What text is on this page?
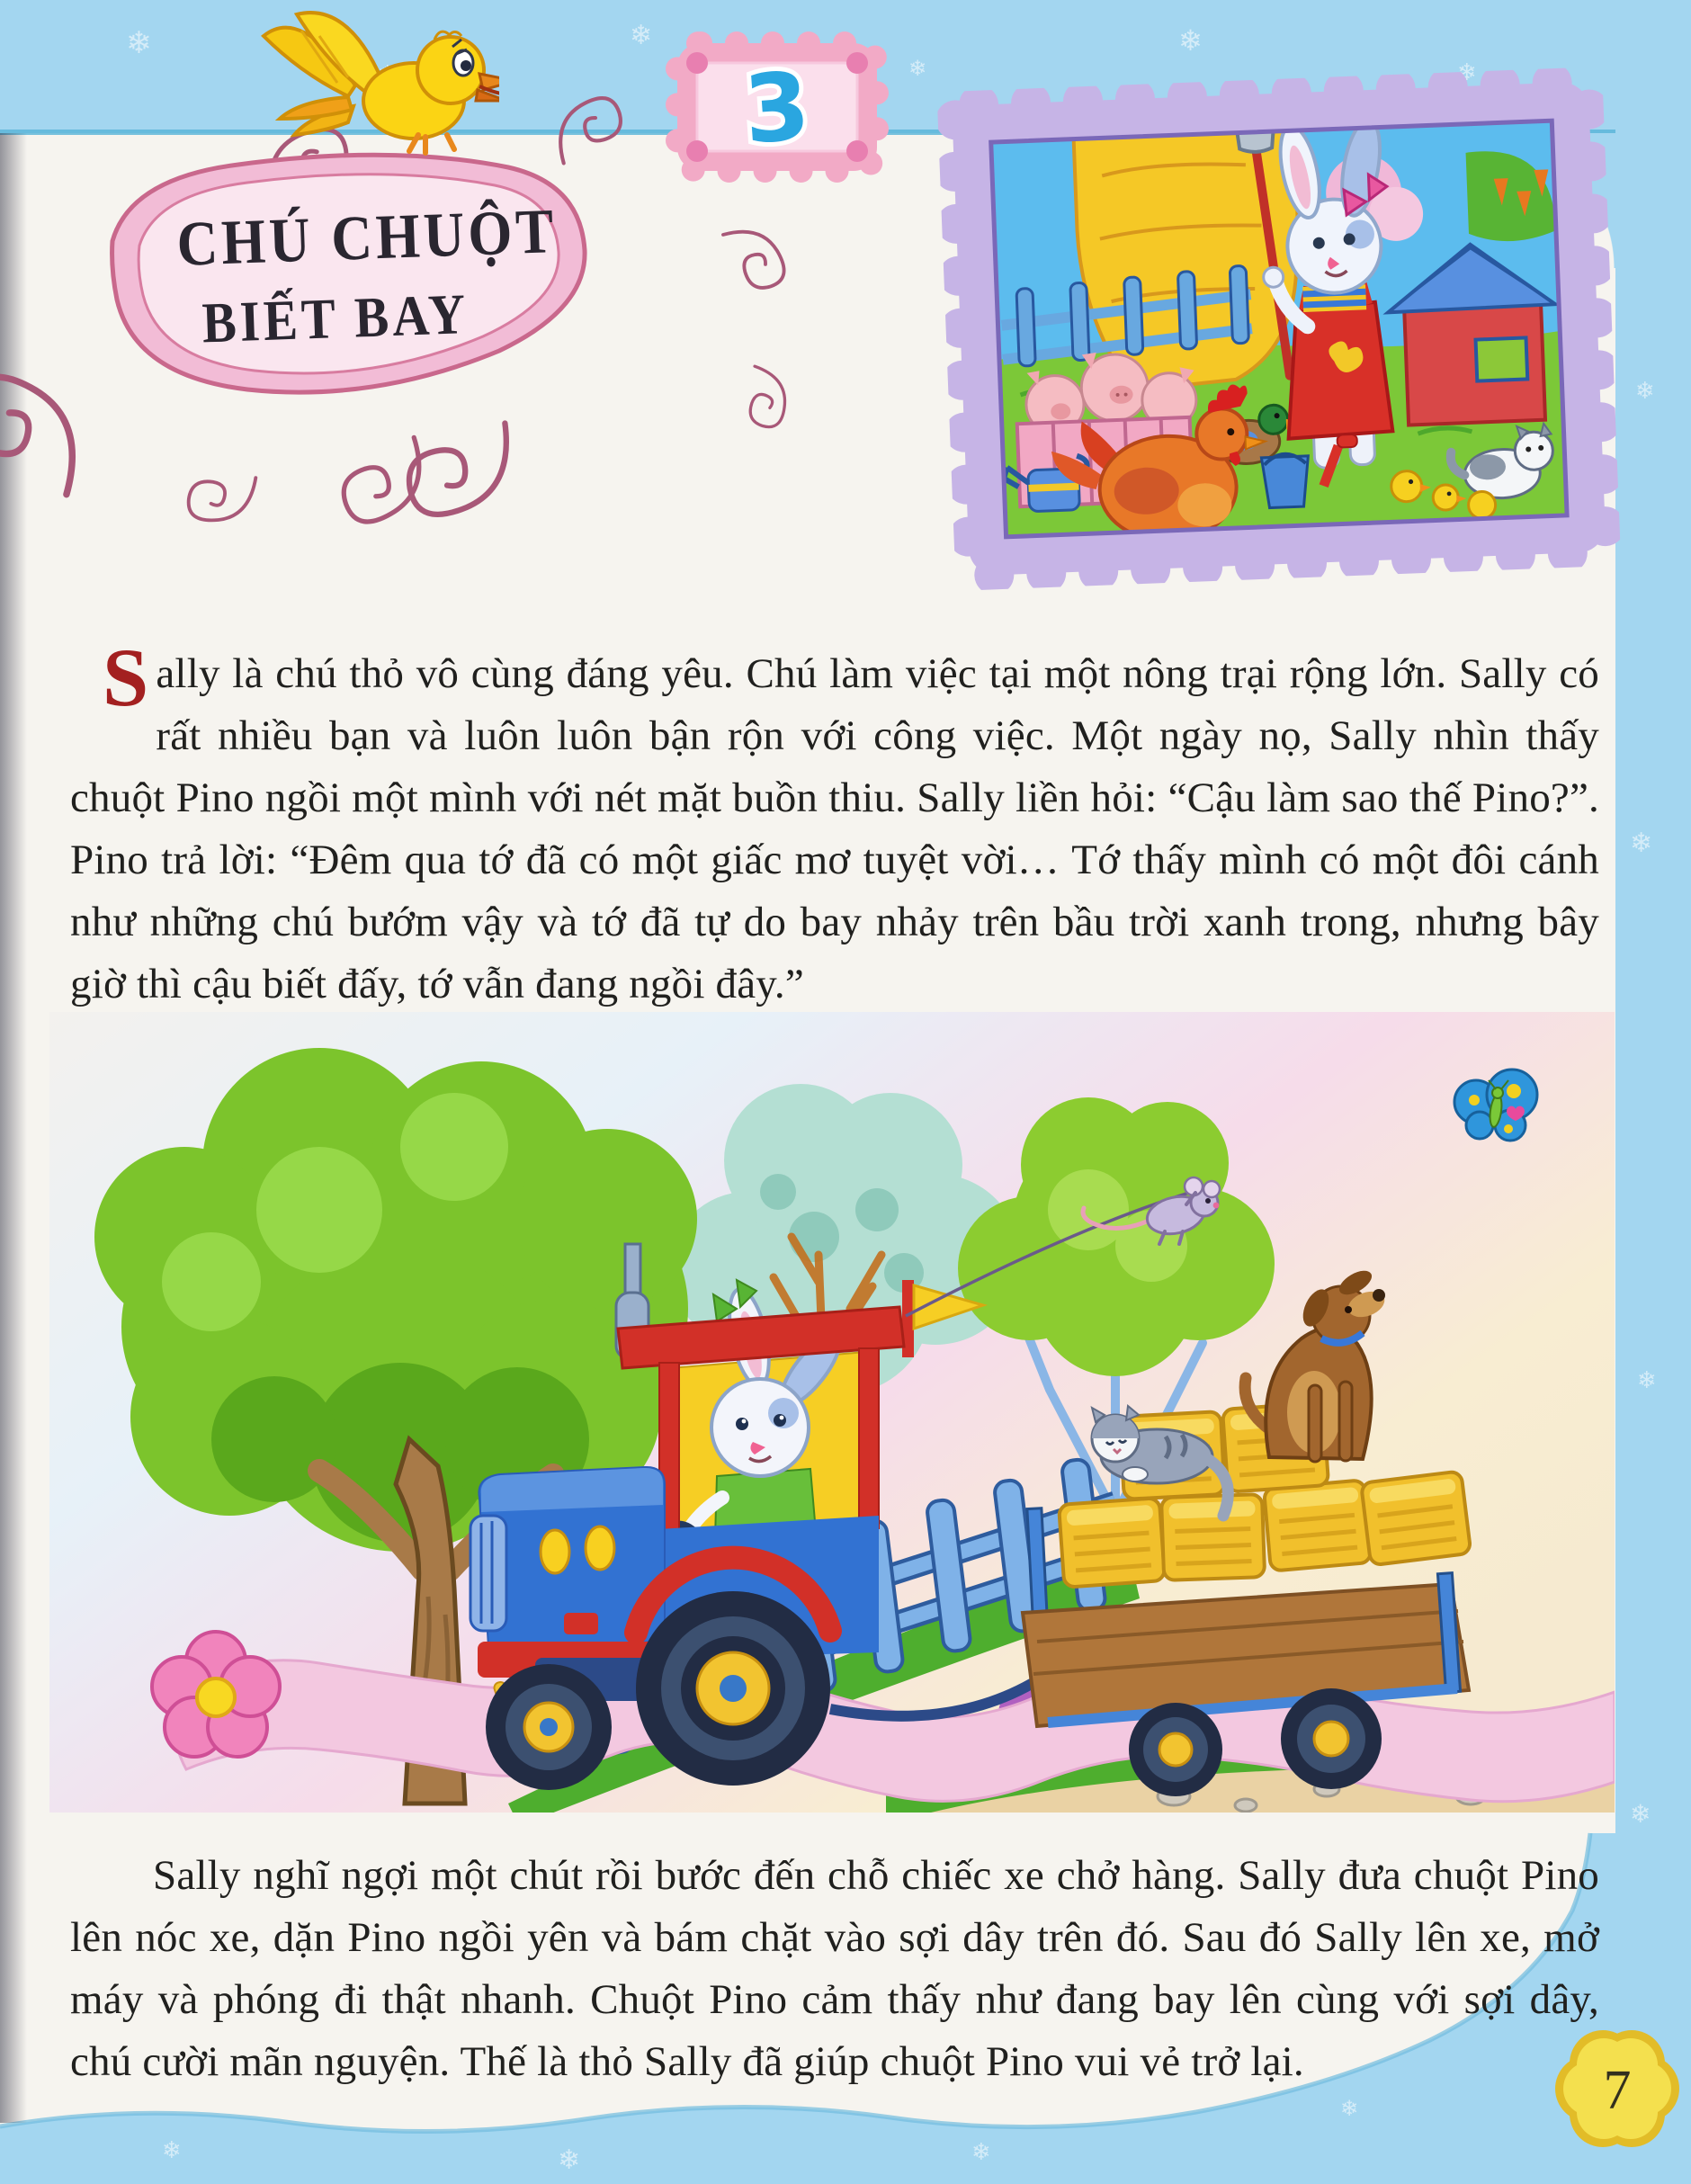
❄	❄
❄
❄
❄
❄
❄
❄
❄
❄	❄	❄
❄
CHÚ CHUỘT
BIẾT BAY
3

Sally là chú thỏ vô cùng đáng yêu. Chú làm việc tại một nông trại rộng lớn. Sally có rất nhiều bạn và luôn luôn bận rộn với công việc. Một ngày nọ, Sally nhìn thấy chuột Pino ngồi một mình với nét mặt buồn thiu. Sally liền hỏi: “Cậu làm sao thế Pino?”. Pino trả lời: “Đêm qua tớ đã có một giấc mơ tuyệt vời… Tớ thấy mình có một đôi cánh như những chú bướm vậy và tớ đã tự do bay nhảy trên bầu trời xanh trong, nhưng bây giờ thì cậu biết đấy, tớ vẫn đang ngồi đây.”

Sally nghĩ ngợi một chút rồi bước đến chỗ chiếc xe chở hàng. Sally đưa chuột Pino lên nóc xe, dặn Pino ngồi yên và bám chặt vào sợi dây trên đó. Sau đó Sally lên xe, mở máy và phóng đi thật nhanh. Chuột Pino cảm thấy như đang bay lên cùng với sợi dây, chú cười mãn nguyện. Thế là thỏ Sally đã giúp chuột Pino vui vẻ trở lại.	7
